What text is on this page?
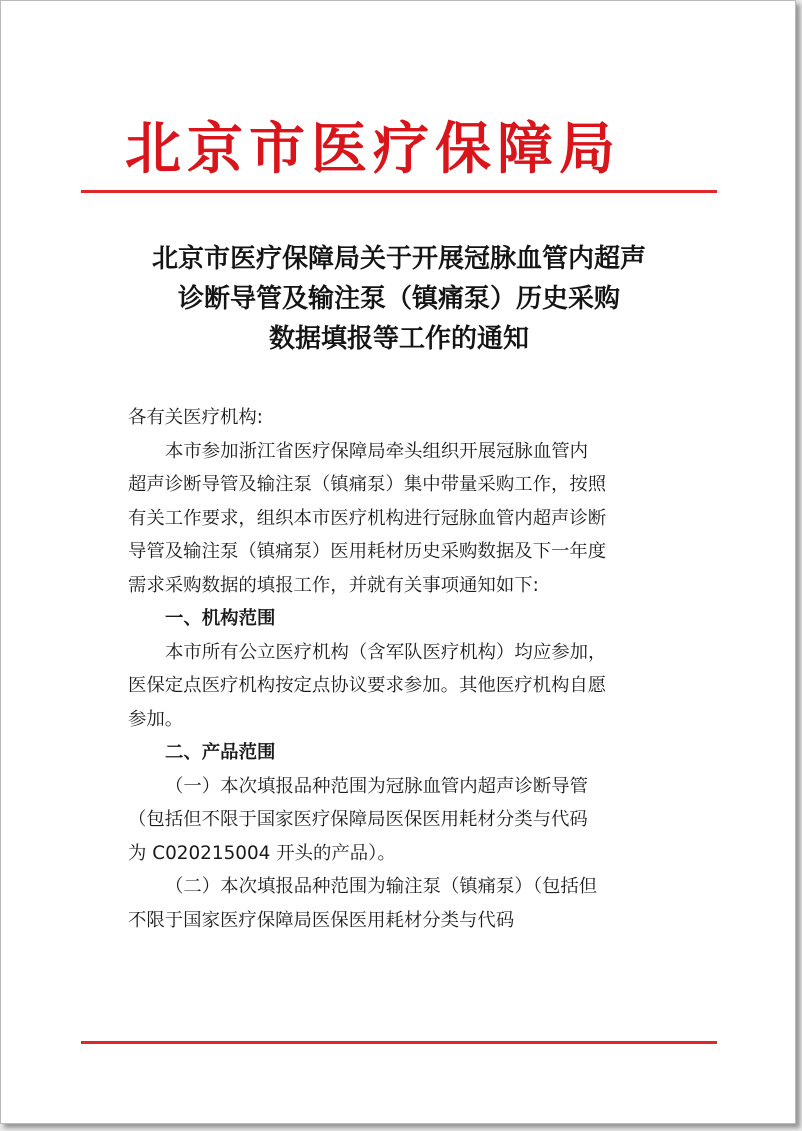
北京市医疗保障局
北京市医疗保障局关于开展冠脉血管内超声
诊断导管及输注泵（镇痛泵）历史采购
数据填报等工作的通知
各有关医疗机构:
本市参加浙江省医疗保障局牵头组织开展冠脉血管内
超声诊断导管及输注泵（镇痛泵）集中带量采购工作，按照
有关工作要求，组织本市医疗机构进行冠脉血管内超声诊断
导管及输注泵（镇痛泵）医用耗材历史采购数据及下一年度
需求采购数据的填报工作，并就有关事项通知如下:
一、机构范围
本市所有公立医疗机构（含军队医疗机构）均应参加，
医保定点医疗机构按定点协议要求参加。其他医疗机构自愿
参加。
二、产品范围
（一）本次填报品种范围为冠脉血管内超声诊断导管
（包括但不限于国家医疗保障局医保医用耗材分类与代码
为 C020215004 开头的产品）。
（二）本次填报品种范围为输注泵（镇痛泵）（包括但
不限于国家医疗保障局医保医用耗材分类与代码
